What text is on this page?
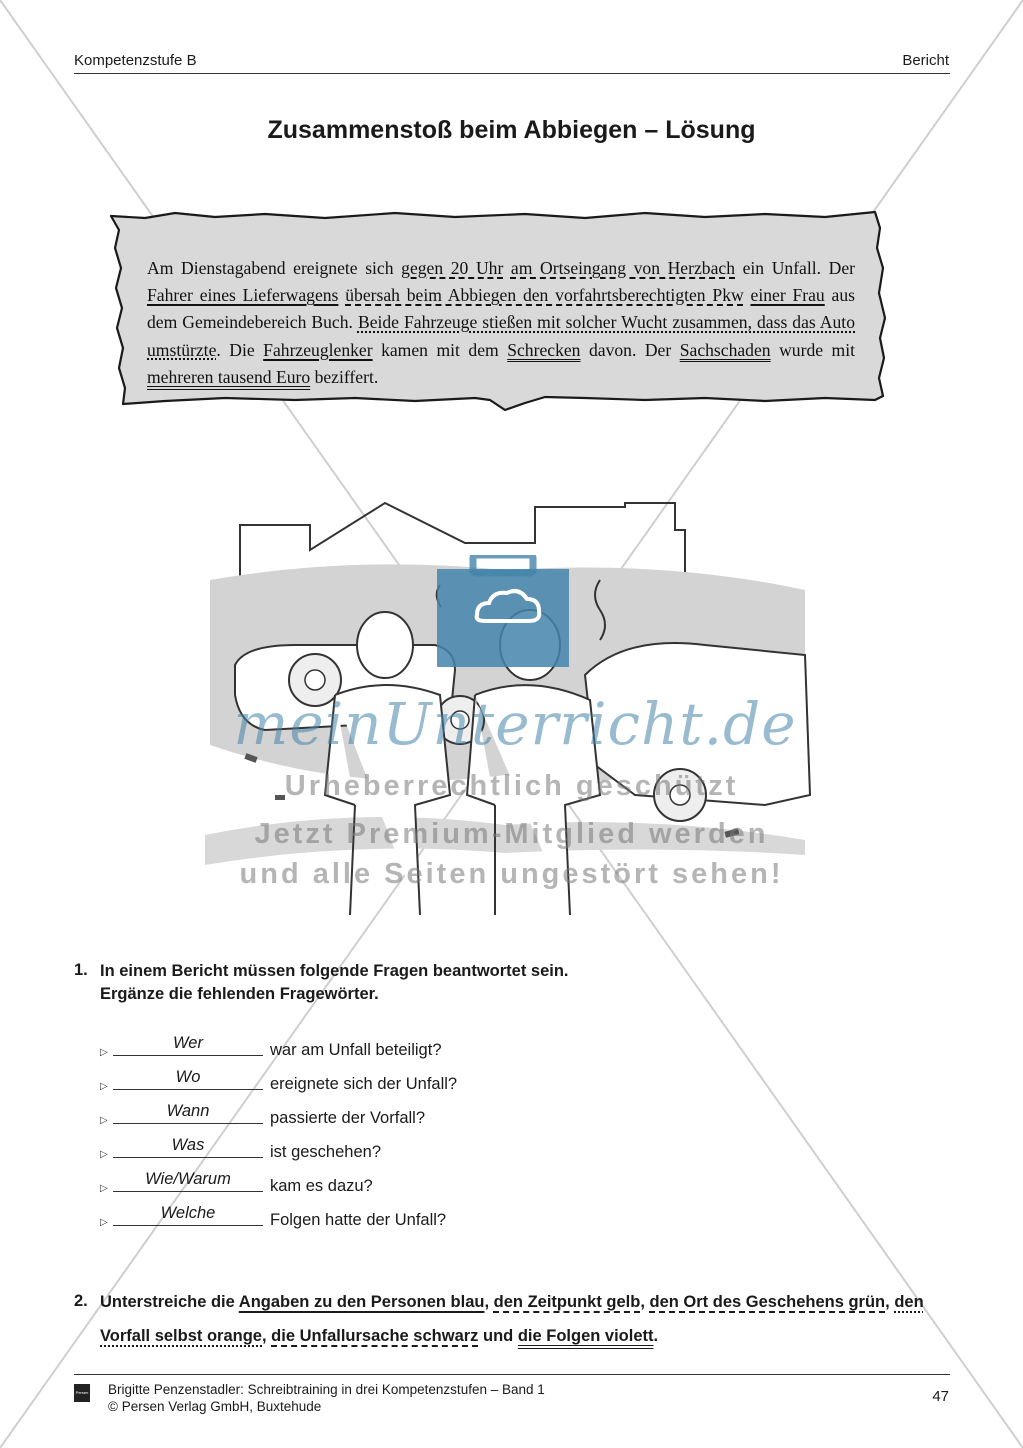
Kompetenzstufe B	Bericht
Zusammenstoß beim Abbiegen – Lösung
Am Dienstagabend ereignete sich gegen 20 Uhr am Ortseingang von Herzbach ein Unfall. Der Fahrer eines Lieferwagens übersah beim Abbiegen den vorfahrtsberechtigten Pkw einer Frau aus dem Gemeindebereich Buch. Beide Fahrzeuge stießen mit solcher Wucht zusammen, dass das Auto umstürzte. Die Fahrzeuglenker kamen mit dem Schrecken davon. Der Sachschaden wurde mit mehreren tausend Euro beziffert.
meinUnterricht.de
Urheberrechtlich geschützt
Jetzt Premium-Mitglied werden
und alle Seiten ungestört sehen!
1. In einem Bericht müssen folgende Fragen beantwortet sein.
Ergänze die fehlenden Fragewörter.
▷
Wer	war am Unfall beteiligt?
▷
Wo	ereignete sich der Unfall?
▷
Wann	passierte der Vorfall?
▷
Was	ist geschehen?
▷
Wie/Warum	kam es dazu?
▷
Welche	Folgen hatte der Unfall?
2. Unterstreiche die Angaben zu den Personen blau, den Zeitpunkt gelb, den Ort des Geschehens grün, den Vorfall selbst orange, die Unfallursache schwarz und die Folgen violett.
Persen Brigitte Penzenstadler: Schreibtraining in drei Kompetenzstufen – Band 1
© Persen Verlag GmbH, Buxtehude
47
